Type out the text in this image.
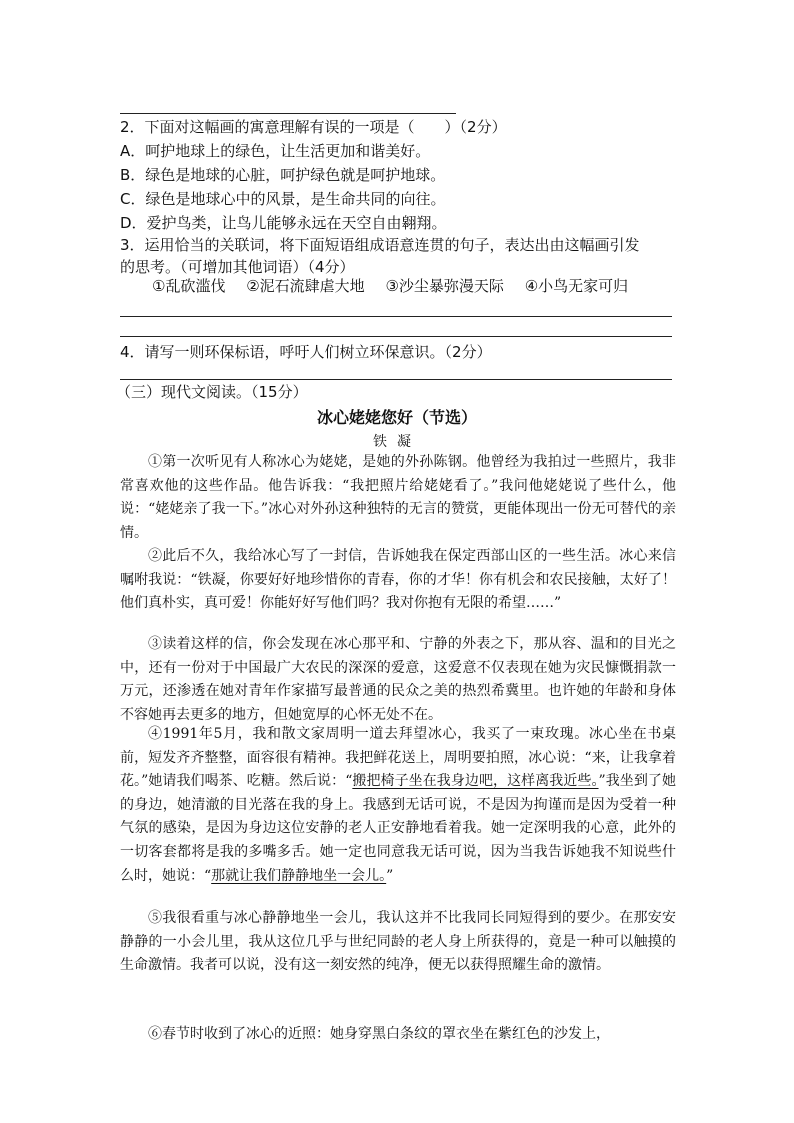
2．下面对这幅画的寓意理解有误的一项是（　　）（2分）
A．呵护地球上的绿色，让生活更加和谐美好。
B．绿色是地球的心脏，呵护绿色就是呵护地球。
C．绿色是地球心中的风景，是生命共同的向往。
D．爱护鸟类，让鸟儿能够永远在天空自由翱翔。
3．运用恰当的关联词，将下面短语组成语意连贯的句子，表达出由这幅画引发
的思考。（可增加其他词语）（4分）
①乱砍滥伐 ②泥石流肆虐大地 ③沙尘暴弥漫天际 ④小鸟无家可归
4．请写一则环保标语，呼吁人们树立环保意识。（2分）
（三）现代文阅读。（15分）
冰心姥姥您好（节选）
铁凝
①第一次听见有人称冰心为姥姥，是她的外孙陈钢。他曾经为我拍过一些照片，我非常喜欢他的这些作品。他告诉我：“我把照片给姥姥看了。”我问他姥姥说了些什么，他说：“姥姥亲了我一下。”冰心对外孙这种独特的无言的赞赏，更能体现出一份无可替代的亲情。
②此后不久，我给冰心写了一封信，告诉她我在保定西部山区的一些生活。冰心来信嘱咐我说：“铁凝，你要好好地珍惜你的青春，你的才华！你有机会和农民接触，太好了！他们真朴实，真可爱！你能好好写他们吗？我对你抱有无限的希望……”
③读着这样的信，你会发现在冰心那平和、宁静的外表之下，那从容、温和的目光之中，还有一份对于中国最广大农民的深深的爱意，这爱意不仅表现在她为灾民慷慨捐款一万元，还渗透在她对青年作家描写最普通的民众之美的热烈希冀里。也许她的年龄和身体不容她再去更多的地方，但她宽厚的心怀无处不在。
④1991年5月，我和散文家周明一道去拜望冰心，我买了一束玫瑰。冰心坐在书桌前，短发齐齐整整，面容很有精神。我把鲜花送上，周明要拍照，冰心说：“来，让我拿着花。”她请我们喝茶、吃糖。然后说：“搬把椅子坐在我身边吧，这样离我近些。”我坐到了她的身边，她清澈的目光落在我的身上。我感到无话可说，不是因为拘谨而是因为受着一种气氛的感染，是因为身边这位安静的老人正安静地看着我。她一定深明我的心意，此外的一切客套都将是我的多嘴多舌。她一定也同意我无话可说，因为当我告诉她我不知说些什么时，她说：“那就让我们静静地坐一会儿。”
⑤我很看重与冰心静静地坐一会儿，我认这并不比我同长同短得到的要少。在那安安静静的一小会儿里，我从这位几乎与世纪同龄的老人身上所获得的，竟是一种可以触摸的生命激情。我者可以说，没有这一刻安然的纯净，便无以获得照耀生命的激情。
⑥春节时收到了冰心的近照：她身穿黑白条纹的罩衣坐在紫红色的沙发上，
